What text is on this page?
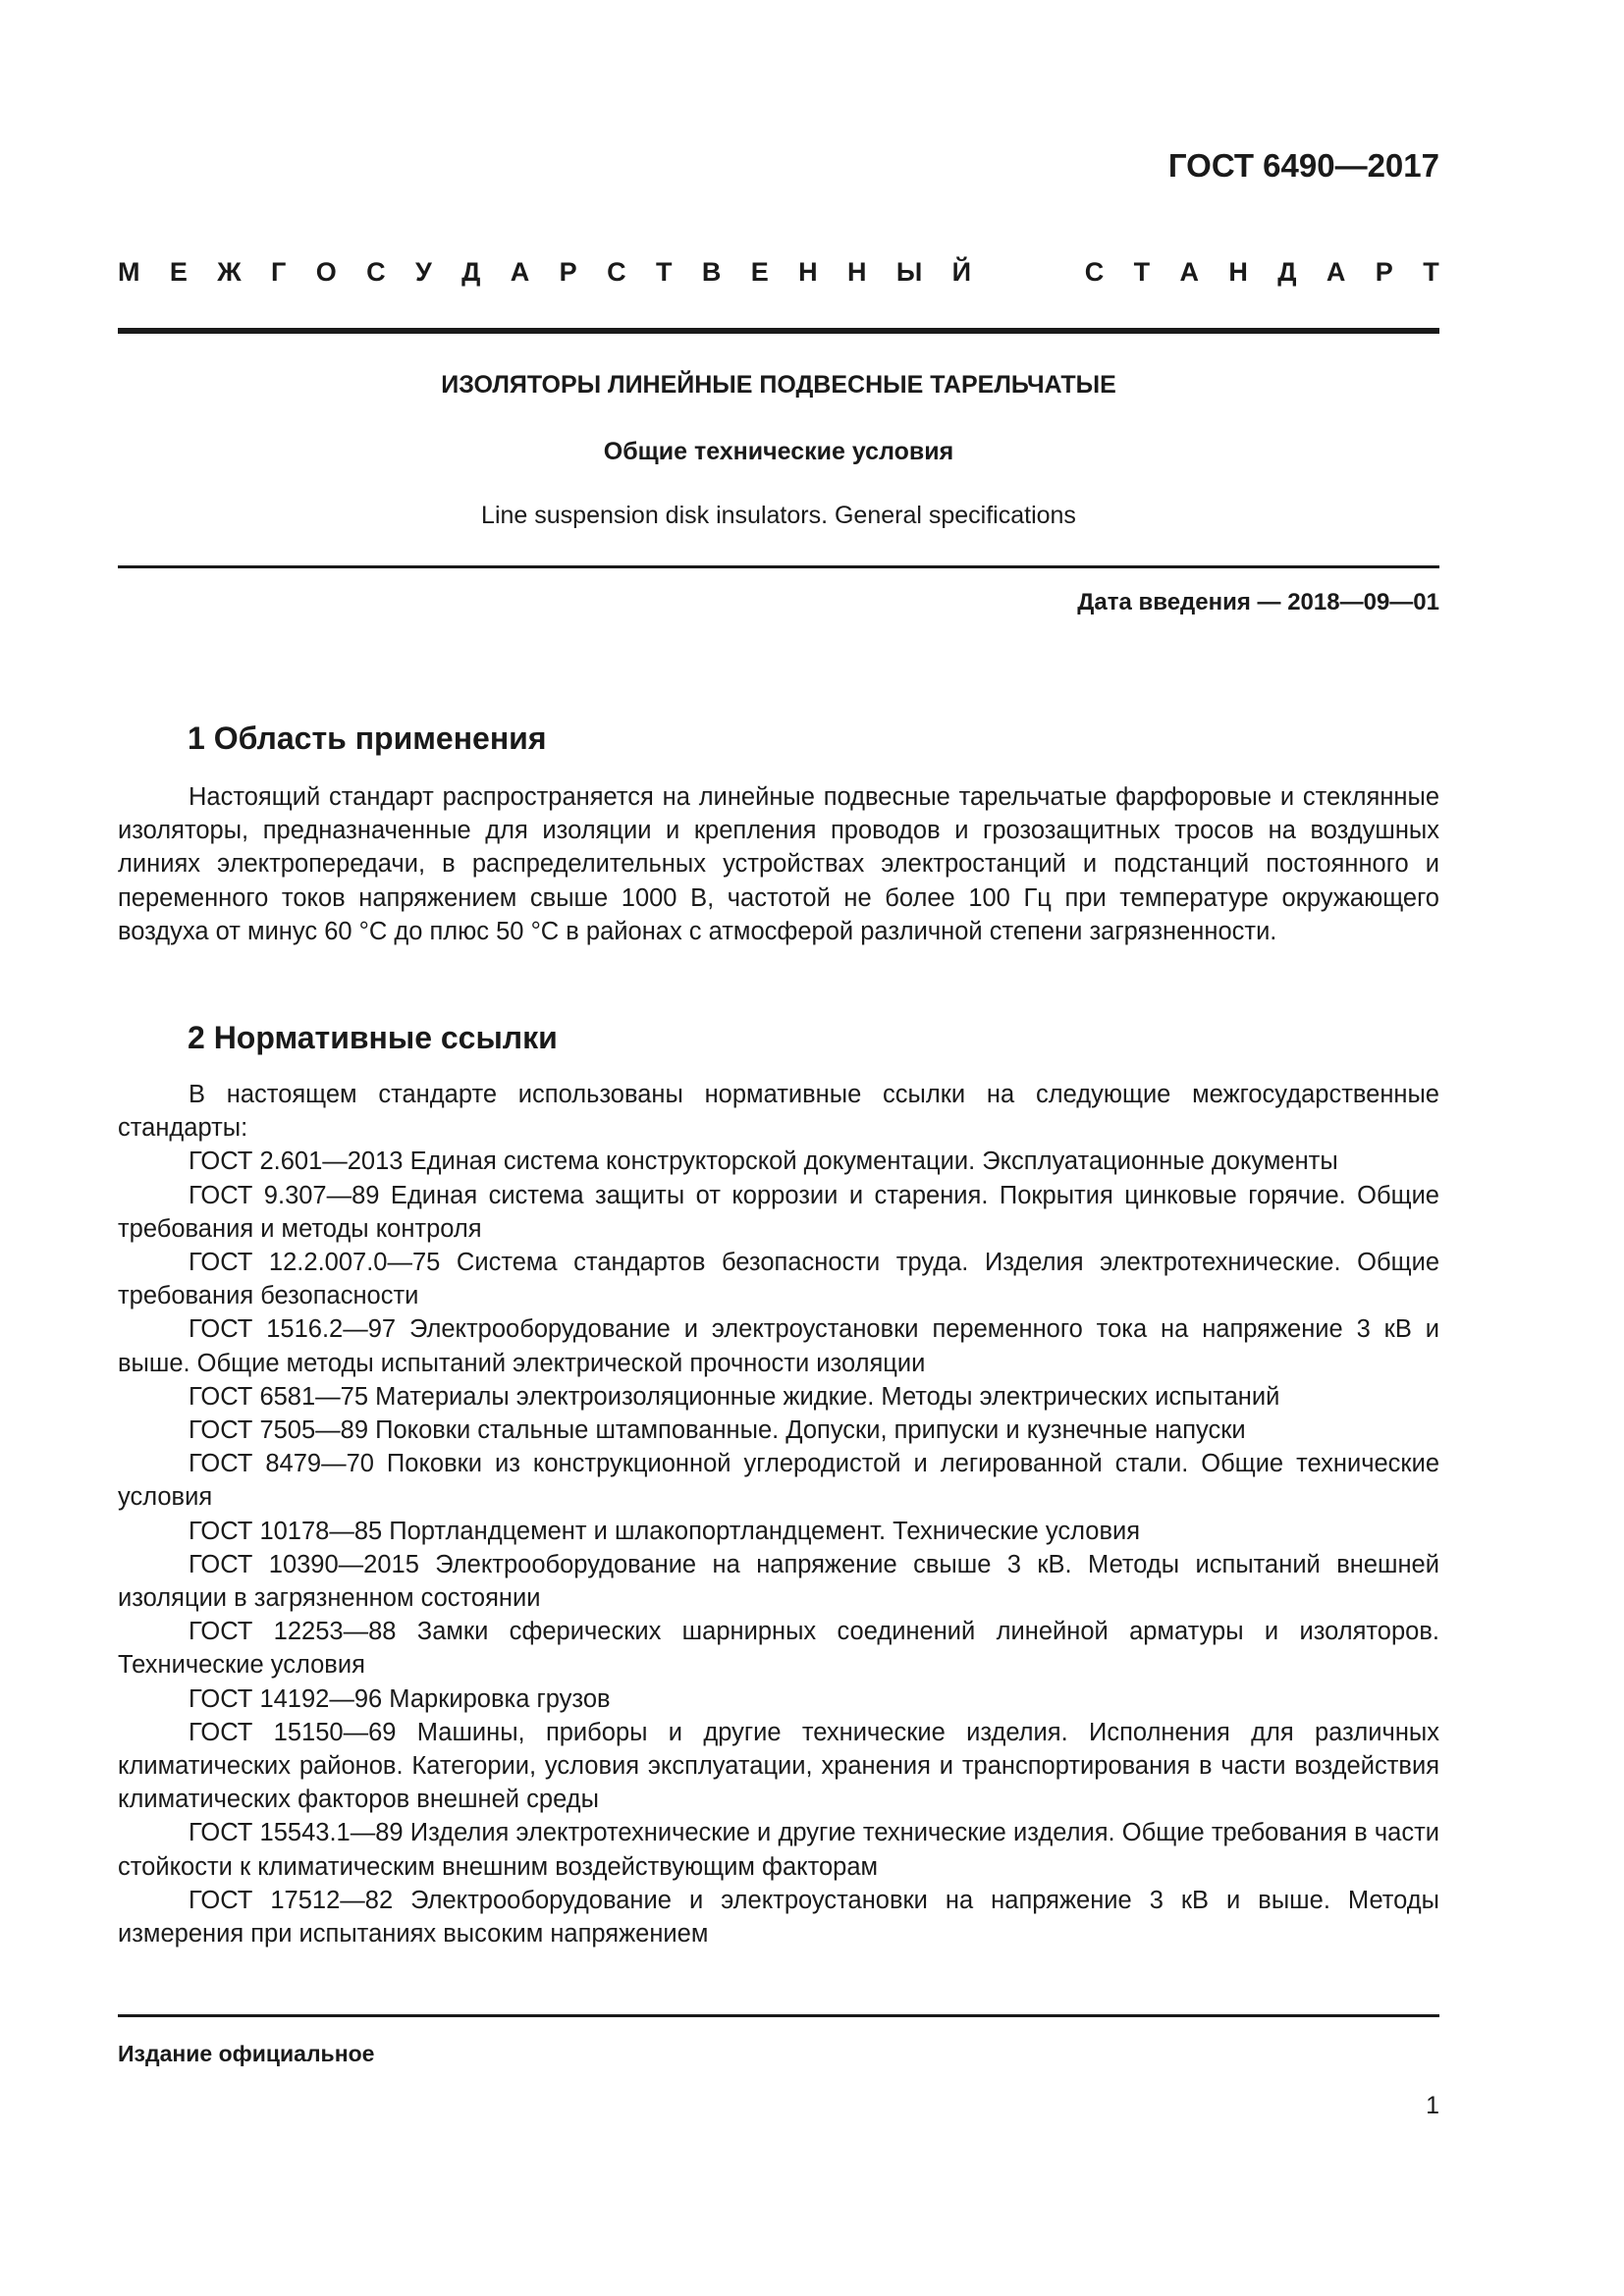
ГОСТ 6490—2017
М Е Ж Г О С У Д А Р С Т В Е Н Н Ы Й	С Т А Н Д А Р Т
ИЗОЛЯТОРЫ ЛИНЕЙНЫЕ ПОДВЕСНЫЕ ТАРЕЛЬЧАТЫЕ
Общие технические условия
Line suspension disk insulators. General specifications
Дата введения — 2018—09—01
1 Область применения

Настоящий стандарт распространяется на линейные подвесные тарельчатые фарфоровые и стеклянные изоляторы, предназначенные для изоляции и крепления проводов и грозозащитных тросов на воздушных линиях электропередачи, в распределительных устройствах электростанций и подстанций постоянного и переменного токов напряжением свыше 1000 В, частотой не более 100 Гц при температуре окружающего воздуха от минус 60 °С до плюс 50 °С в районах с атмосферой различной степени загрязненности.

2 Нормативные ссылки

В настоящем стандарте использованы нормативные ссылки на следующие межгосударственные стандарты:

ГОСТ 2.601—2013 Единая система конструкторской документации. Эксплуатационные документы

ГОСТ 9.307—89 Единая система защиты от коррозии и старения. Покрытия цинковые горячие. Общие требования и методы контроля

ГОСТ 12.2.007.0—75 Система стандартов безопасности труда. Изделия электротехнические. Общие требования безопасности

ГОСТ 1516.2—97 Электрооборудование и электроустановки переменного тока на напряжение 3 кВ и выше. Общие методы испытаний электрической прочности изоляции

ГОСТ 6581—75 Материалы электроизоляционные жидкие. Методы электрических испытаний

ГОСТ 7505—89 Поковки стальные штампованные. Допуски, припуски и кузнечные напуски

ГОСТ 8479—70 Поковки из конструкционной углеродистой и легированной стали. Общие технические условия

ГОСТ 10178—85 Портландцемент и шлакопортландцемент. Технические условия

ГОСТ 10390—2015 Электрооборудование на напряжение свыше 3 кВ. Методы испытаний внешней изоляции в загрязненном состоянии

ГОСТ 12253—88 Замки сферических шарнирных соединений линейной арматуры и изоляторов. Технические условия

ГОСТ 14192—96 Маркировка грузов

ГОСТ 15150—69 Машины, приборы и другие технические изделия. Исполнения для различных климатических районов. Категории, условия эксплуатации, хранения и транспортирования в части воздействия климатических факторов внешней среды

ГОСТ 15543.1—89 Изделия электротехнические и другие технические изделия. Общие требования в части стойкости к климатическим внешним воздействующим факторам

ГОСТ 17512—82 Электрооборудование и электроустановки на напряжение 3 кВ и выше. Методы измерения при испытаниях высоким напряжением

Издание официальное
1
